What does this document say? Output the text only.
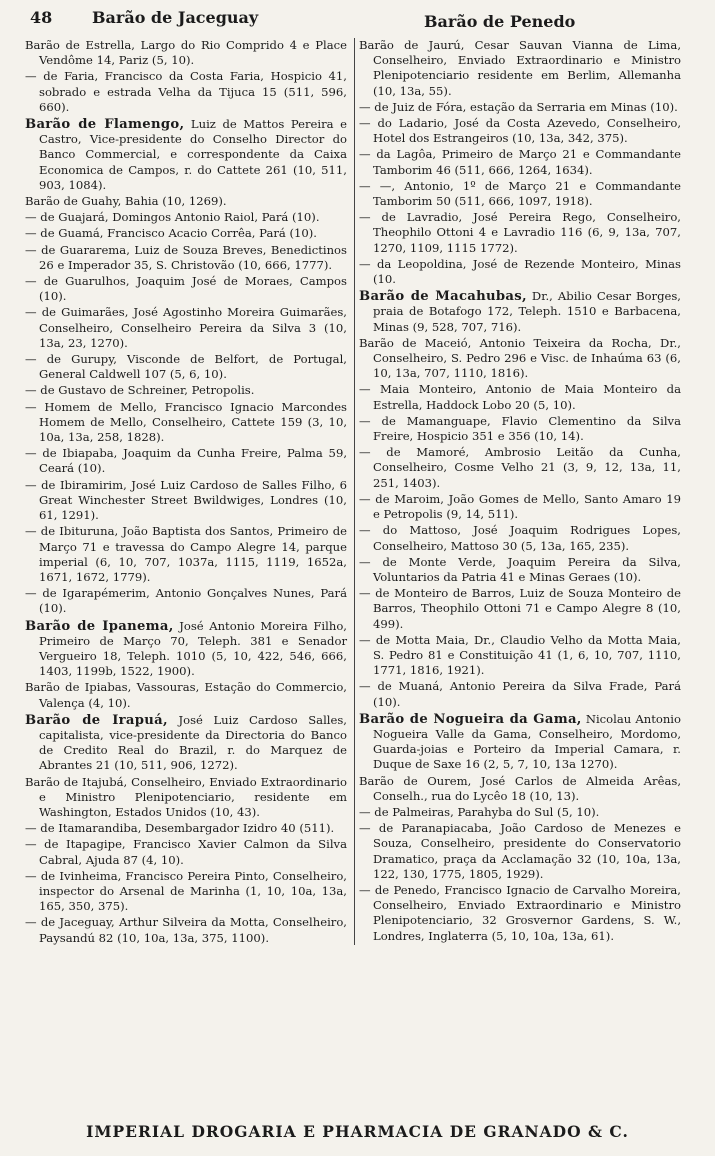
48 Barão de Jaceguay	Barão de Penedo

Barão de Estrella, Largo do Rio Comprido 4 e Place Vendôme 14, Pariz (5, 10).

— de Faria, Francisco da Costa Faria, Hospicio 41, sobrado e estrada Velha da Tijuca 15 (511, 596, 660).

Barão de Flamengo, Luiz de Mattos Pereira e Castro, Vice-presidente do Conselho Director do Banco Commercial, e correspondente da Caixa Economica de Campos, r. do Cattete 261 (10, 511, 903, 1084).

Barão de Guahy, Bahia (10, 1269).

— de Guajará, Domingos Antonio Raiol, Pará (10).

— de Guamá, Francisco Acacio Corrêa, Pará (10).

— de Guararema, Luiz de Souza Breves, Benedictinos 26 e Imperador 35, S. Christovão (10, 666, 1777).

— de Guarulhos, Joaquim José de Moraes, Campos (10).

— de Guimarães, José Agostinho Moreira Guimarães, Conselheiro, Conselheiro Pereira da Silva 3 (10, 13a, 23, 1270).

— de Gurupy, Visconde de Belfort, de Portugal, General Caldwell 107 (5, 6, 10).

— de Gustavo de Schreiner, Petropolis.

— Homem de Mello, Francisco Ignacio Marcondes Homem de Mello, Conselheiro, Cattete 159 (3, 10, 10a, 13a, 258, 1828).

— de Ibiapaba, Joaquim da Cunha Freire, Palma 59, Ceará (10).

— de Ibiramirim, José Luiz Cardoso de Salles Filho, 6 Great Winchester Street Bwildwiges, Londres (10, 61, 1291).

— de Ibituruna, João Baptista dos Santos, Primeiro de Março 71 e travessa do Campo Alegre 14, parque imperial (6, 10, 707, 1037a, 1115, 1119, 1652a, 1671, 1672, 1779).

— de Igarapémerim, Antonio Gonçalves Nunes, Pará (10).

Barão de Ipanema, José Antonio Moreira Filho, Primeiro de Março 70, Teleph. 381 e Senador Vergueiro 18, Teleph. 1010 (5, 10, 422, 546, 666, 1403, 1199b, 1522, 1900).

Barão de Ipiabas, Vassouras, Estação do Commercio, Valença (4, 10).

Barão de Irapuá, José Luiz Cardoso Salles, capitalista, vice-presidente da Directoria do Banco de Credito Real do Brazil, r. do Marquez de Abrantes 21 (10, 511, 906, 1272).

Barão de Itajubá, Conselheiro, Enviado Extraordinario e Ministro Plenipotenciario, residente em Washington, Estados Unidos (10, 43).

— de Itamarandiba, Desembargador Izidro 40 (511).

— de Itapagipe, Francisco Xavier Calmon da Silva Cabral, Ajuda 87 (4, 10).

— de Ivinheima, Francisco Pereira Pinto, Conselheiro, inspector do Arsenal de Marinha (1, 10, 10a, 13a, 165, 350, 375).

— de Jaceguay, Arthur Silveira da Motta, Conselheiro, Paysandú 82 (10, 10a, 13a, 375, 1100).

Barão de Jaurú, Cesar Sauvan Vianna de Lima, Conselheiro, Enviado Extraordinario e Ministro Plenipotenciario residente em Berlim, Allemanha (10, 13a, 55).

— de Juiz de Fóra, estação da Serraria em Minas (10).

— do Ladario, José da Costa Azevedo, Conselheiro, Hotel dos Estrangeiros (10, 13a, 342, 375).

— da Lagôa, Primeiro de Março 21 e Commandante Tamborim 46 (511, 666, 1264, 1634).

— —, Antonio, 1º de Março 21 e Commandante Tamborim 50 (511, 666, 1097, 1918).

— de Lavradio, José Pereira Rego, Conselheiro, Theophilo Ottoni 4 e Lavradio 116 (6, 9, 13a, 707, 1270, 1109, 1115 1772).

— da Leopoldina, José de Rezende Monteiro, Minas (10.

Barão de Macahubas, Dr., Abilio Cesar Borges, praia de Botafogo 172, Teleph. 1510 e Barbacena, Minas (9, 528, 707, 716).

Barão de Maceió, Antonio Teixeira da Rocha, Dr., Conselheiro, S. Pedro 296 e Visc. de Inhaúma 63 (6, 10, 13a, 707, 1110, 1816).

— Maia Monteiro, Antonio de Maia Monteiro da Estrella, Haddock Lobo 20 (5, 10).

— de Mamanguape, Flavio Clementino da Silva Freire, Hospicio 351 e 356 (10, 14).

— de Mamoré, Ambrosio Leitão da Cunha, Conselheiro, Cosme Velho 21 (3, 9, 12, 13a, 11, 251, 1403).

— de Maroim, João Gomes de Mello, Santo Amaro 19 e Petropolis (9, 14, 511).

— do Mattoso, José Joaquim Rodrigues Lopes, Conselheiro, Mattoso 30 (5, 13a, 165, 235).

— de Monte Verde, Joaquim Pereira da Silva, Voluntarios da Patria 41 e Minas Geraes (10).

— de Monteiro de Barros, Luiz de Souza Monteiro de Barros, Theophilo Ottoni 71 e Campo Alegre 8 (10, 499).

— de Motta Maia, Dr., Claudio Velho da Motta Maia, S. Pedro 81 e Constituição 41 (1, 6, 10, 707, 1110, 1771, 1816, 1921).

— de Muaná, Antonio Pereira da Silva Frade, Pará (10).

Barão de Nogueira da Gama, Nicolau Antonio Nogueira Valle da Gama, Conselheiro, Mordomo, Guarda-joias e Porteiro da Imperial Camara, r. Duque de Saxe 16 (2, 5, 7, 10, 13a 1270).

Barão de Ourem, José Carlos de Almeida Arêas, Conselh., rua do Lycêo 18 (10, 13).

— de Palmeiras, Parahyba do Sul (5, 10).

— de Paranapiacaba, João Cardoso de Menezes e Souza, Conselheiro, presidente do Conservatorio Dramatico, praça da Acclamação 32 (10, 10a, 13a, 122, 130, 1775, 1805, 1929).

— de Penedo, Francisco Ignacio de Carvalho Moreira, Conselheiro, Enviado Extraordinario e Ministro Plenipotenciario, 32 Grosvernor Gardens, S. W., Londres, Inglaterra (5, 10, 10a, 13a, 61).

IMPERIAL DROGARIA E PHARMACIA DE GRANADO & C.
